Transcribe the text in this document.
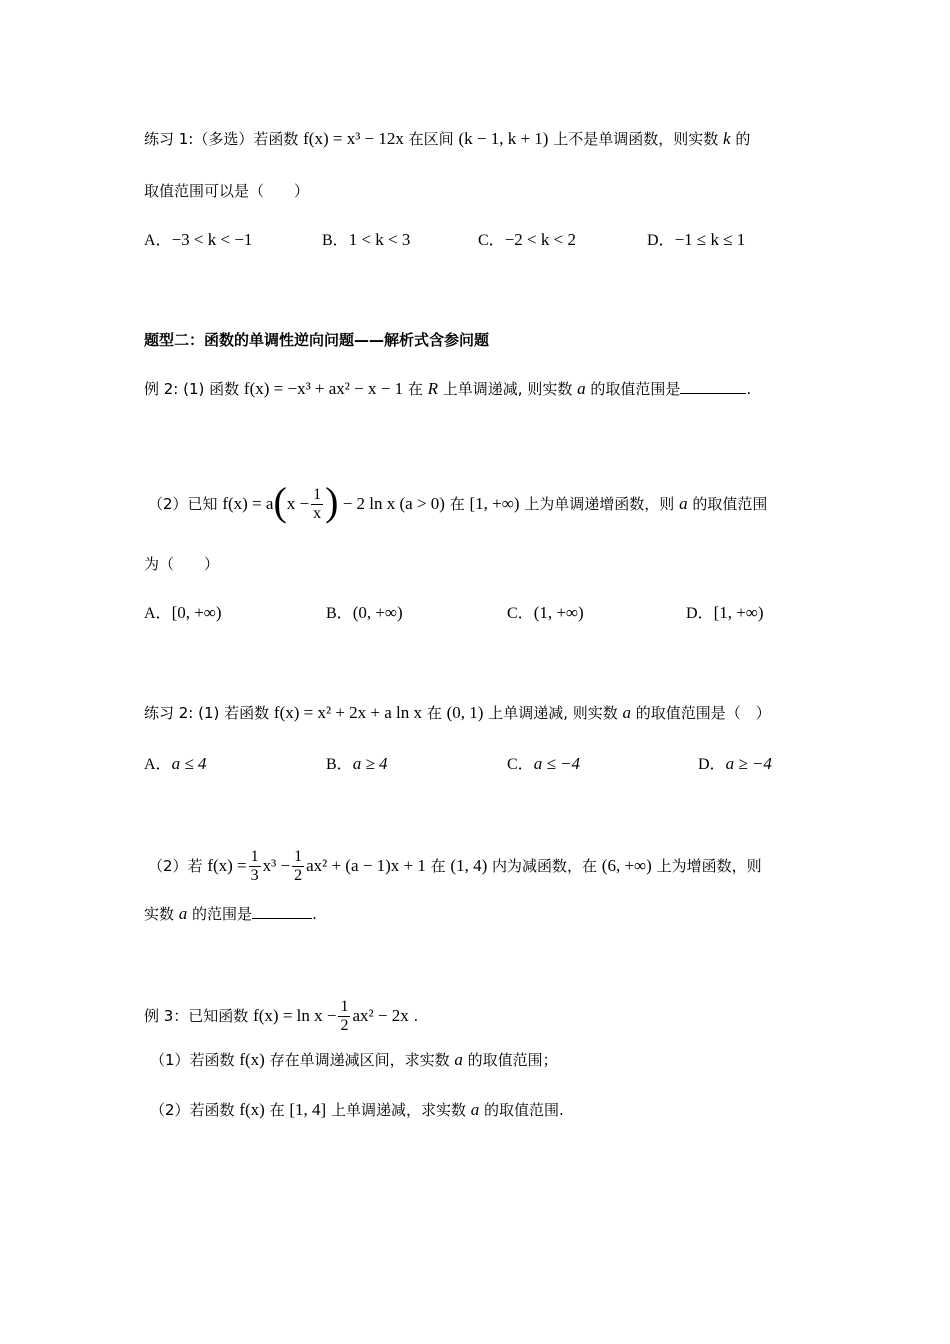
练习 1:（多选）若函数 f(x) = x³ − 12x 在区间 (k − 1, k + 1) 上不是单调函数，则实数 k 的
取值范围可以是（　　）
A．−3 < k < −1	B．1 < k < 3	C．−2 < k < 2	D．−1 ≤ k ≤ 1
题型二：函数的单调性逆向问题——解析式含参问题
例 2: (1) 函数 f(x) = −x³ + ax² − x − 1 在 R 上单调递减, 则实数 a 的取值范围是	.
（2）已知 $f(x) = a(x - \frac{1}{x}$ ) − 2 ln x (a > 0) 在 [1, +∞) 上为单调递增函数，则 a 的取值范围
为（　　）
A．[0, +∞)	B．(0, +∞)	C．(1, +∞)	D．[1, +∞)
练习 2: (1) 若函数 f(x) = x² + 2x + a ln x 在 (0, 1) 上单调递减, 则实数 a 的取值范围是（　）
A．a ≤ 4	B．a ≥ 4	C．a ≤ −4	D．a ≥ −4
（2）若 $f(x) = \frac{1}{3} x^3 - \frac{1}{2} ax^2 + (a - 1)x + 1$ 在 (1, 4) 内为减函数，在 (6, +∞) 上为增函数，则
实数 a 的范围是	.
例 3：已知函数 $f(x) = \ln x - \frac{1}{2} ax^2 - 2x$ .
（1）若函数 f(x) 存在单调递减区间，求实数 a 的取值范围；
（2）若函数 f(x) 在 [1, 4] 上单调递减，求实数 a 的取值范围.
